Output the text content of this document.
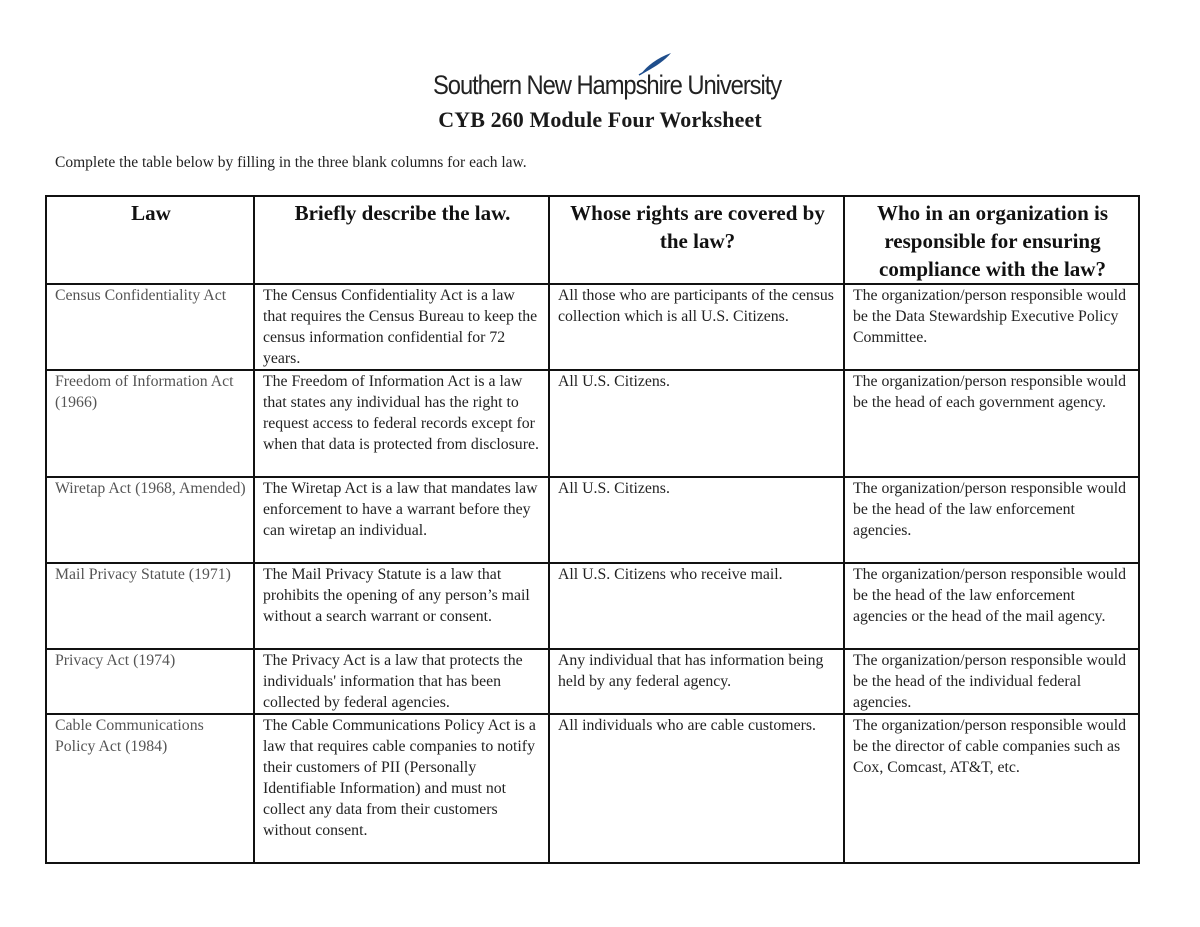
Southern New Hampshire University
CYB 260 Module Four Worksheet
Complete the table below by filling in the three blank columns for each law.
Law	Briefly describe the law.	Whose rights are covered by the law?	Who in an organization is responsible for ensuring compliance with the law?
Census Confidentiality Act	The Census Confidentiality Act is a law that requires the Census Bureau to keep the census information confidential for 72 years.	All those who are participants of the census collection which is all U.S. Citizens.	The organization/person responsible would be the Data Stewardship Executive Policy Committee.
Freedom of Information Act (1966)	The Freedom of Information Act is a law that states any individual has the right to request access to federal records except for when that data is protected from disclosure.	All U.S. Citizens.	The organization/person responsible would be the head of each government agency.
Wiretap Act (1968, Amended)	The Wiretap Act is a law that mandates law enforcement to have a warrant before they can wiretap an individual.	All U.S. Citizens.	The organization/person responsible would be the head of the law enforcement agencies.
Mail Privacy Statute (1971)	The Mail Privacy Statute is a law that prohibits the opening of any person’s mail without a search warrant or consent.	All U.S. Citizens who receive mail.	The organization/person responsible would be the head of the law enforcement agencies or the head of the mail agency.
Privacy Act (1974)	The Privacy Act is a law that protects the individuals' information that has been collected by federal agencies.	Any individual that has information being held by any federal agency.	The organization/person responsible would be the head of the individual federal agencies.
Cable Communications Policy Act (1984)	The Cable Communications Policy Act is a law that requires cable companies to notify their customers of PII (Personally Identifiable Information) and must not collect any data from their customers without consent.	All individuals who are cable customers.	The organization/person responsible would be the director of cable companies such as Cox, Comcast, AT&T, etc.
